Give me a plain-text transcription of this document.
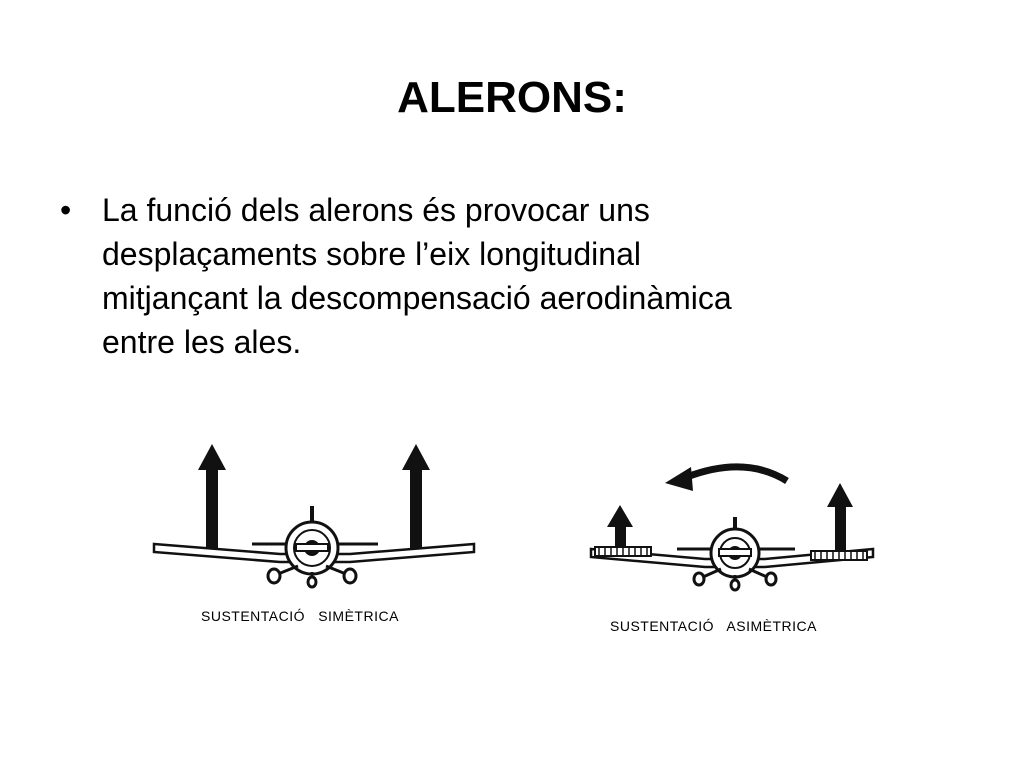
ALERONS:
• La funció dels alerons és provocar uns
desplaçaments sobre l’eix longitudinal
mitjançant la descompensació aerodinàmica
entre les ales.

SUSTENTACIÓ   SIMÈTRICA
SUSTENTACIÓ   ASIMÈTRICA
